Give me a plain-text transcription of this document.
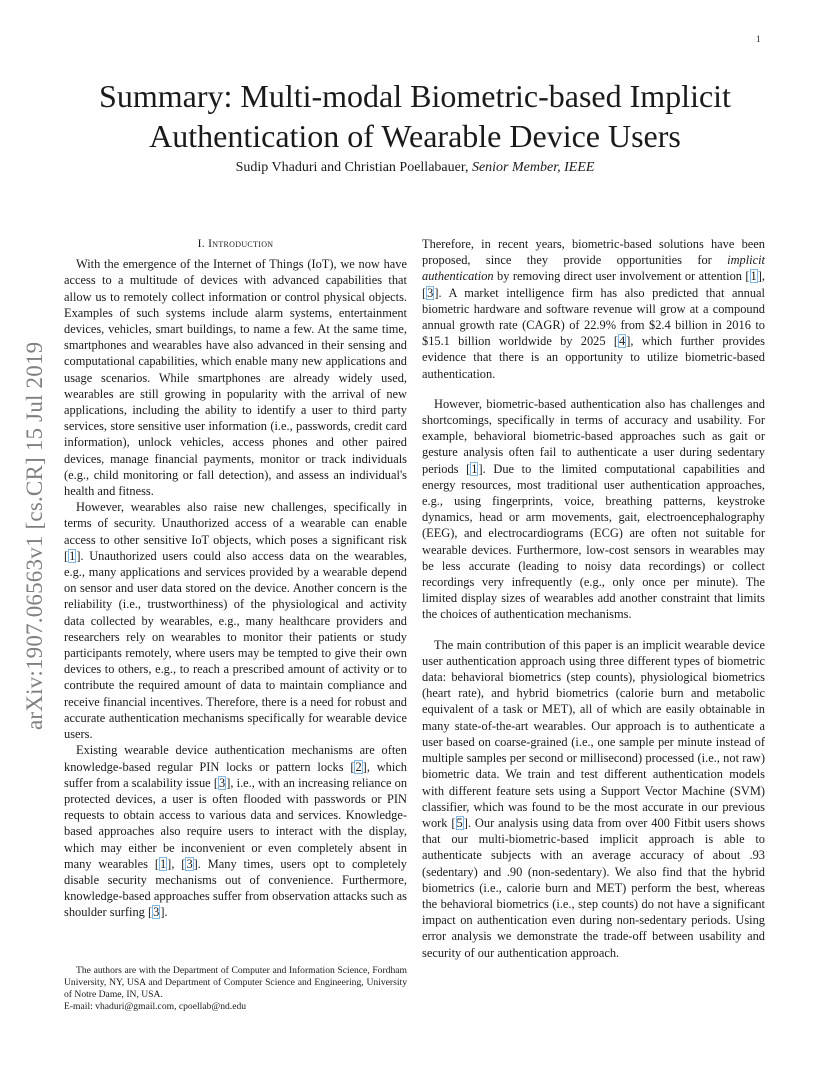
1
arXiv:1907.06563v1 [cs.CR] 15 Jul 2019
Summary: Multi-modal Biometric-based Implicit Authentication of Wearable Device Users

Sudip Vhaduri and Christian Poellabauer, Senior Member, IEEE

I. Introduction

With the emergence of the Internet of Things (IoT), we now have access to a multitude of devices with advanced capabilities that allow us to remotely collect information or control physical objects. Examples of such systems include alarm systems, entertainment devices, vehicles, smart buildings, to name a few. At the same time, smartphones and wearables have also advanced in their sensing and computational capabilities, which enable many new applications and usage scenarios. While smartphones are already widely used, wearables are still growing in popularity with the arrival of new applications, including the ability to identify a user to third party services, store sensitive user information (i.e., passwords, credit card information), unlock vehicles, access phones and other paired devices, manage financial payments, monitor or track individuals (e.g., child monitoring or fall detection), and assess an individual's health and fitness.

However, wearables also raise new challenges, specifically in terms of security. Unauthorized access of a wearable can enable access to other sensitive IoT objects, which poses a significant risk [1]. Unauthorized users could also access data on the wearables, e.g., many applications and services provided by a wearable depend on sensor and user data stored on the device. Another concern is the reliability (i.e., trustworthiness) of the physiological and activity data collected by wearables, e.g., many healthcare providers and researchers rely on wearables to monitor their patients or study participants remotely, where users may be tempted to give their own devices to others, e.g., to reach a prescribed amount of activity or to contribute the required amount of data to maintain compliance and receive financial incentives. Therefore, there is a need for robust and accurate authentication mechanisms specifically for wearable device users.

Existing wearable device authentication mechanisms are often knowledge-based regular PIN locks or pattern locks [2], which suffer from a scalability issue [3], i.e., with an increasing reliance on protected devices, a user is often flooded with passwords or PIN requests to obtain access to various data and services. Knowledge-based approaches also require users to interact with the display, which may either be inconvenient or even completely absent in many wearables [1], [3]. Many times, users opt to completely disable security mechanisms out of convenience. Furthermore, knowledge-based approaches suffer from observation attacks such as shoulder surfing [3].

Therefore, in recent years, biometric-based solutions have been proposed, since they provide opportunities for implicit authentication by removing direct user involvement or attention [1], [3]. A market intelligence firm has also predicted that annual biometric hardware and software revenue will grow at a compound annual growth rate (CAGR) of 22.9% from $2.4 billion in 2016 to $15.1 billion worldwide by 2025 [4], which further provides evidence that there is an opportunity to utilize biometric-based authentication.

However, biometric-based authentication also has challenges and shortcomings, specifically in terms of accuracy and usability. For example, behavioral biometric-based approaches such as gait or gesture analysis often fail to authenticate a user during sedentary periods [1]. Due to the limited computational capabilities and energy resources, most traditional user authentication approaches, e.g., using fingerprints, voice, breathing patterns, keystroke dynamics, head or arm movements, gait, electroencephalography (EEG), and electrocardiograms (ECG) are often not suitable for wearable devices. Furthermore, low-cost sensors in wearables may be less accurate (leading to noisy data recordings) or collect recordings very infrequently (e.g., only once per minute). The limited display sizes of wearables add another constraint that limits the choices of authentication mechanisms.

The main contribution of this paper is an implicit wearable device user authentication approach using three different types of biometric data: behavioral biometrics (step counts), physiological biometrics (heart rate), and hybrid biometrics (calorie burn and metabolic equivalent of a task or MET), all of which are easily obtainable in many state-of-the-art wearables. Our approach is to authenticate a user based on coarse-grained (i.e., one sample per minute instead of multiple samples per second or millisecond) processed (i.e., not raw) biometric data. We train and test different authentication models with different feature sets using a Support Vector Machine (SVM) classifier, which was found to be the most accurate in our previous work [5]. Our analysis using data from over 400 Fitbit users shows that our multi-biometric-based implicit approach is able to authenticate subjects with an average accuracy of about .93 (sedentary) and .90 (non-sedentary). We also find that the hybrid biometrics (i.e., calorie burn and MET) perform the best, whereas the behavioral biometrics (i.e., step counts) do not have a significant impact on authentication even during non-sedentary periods. Using error analysis we demonstrate the trade-off between usability and security of our authentication approach.

The authors are with the Department of Computer and Information Science, Fordham University, NY, USA and Department of Computer Science and Engineering, University of Notre Dame, IN, USA.

E-mail: vhaduri@gmail.com, cpoellab@nd.edu
